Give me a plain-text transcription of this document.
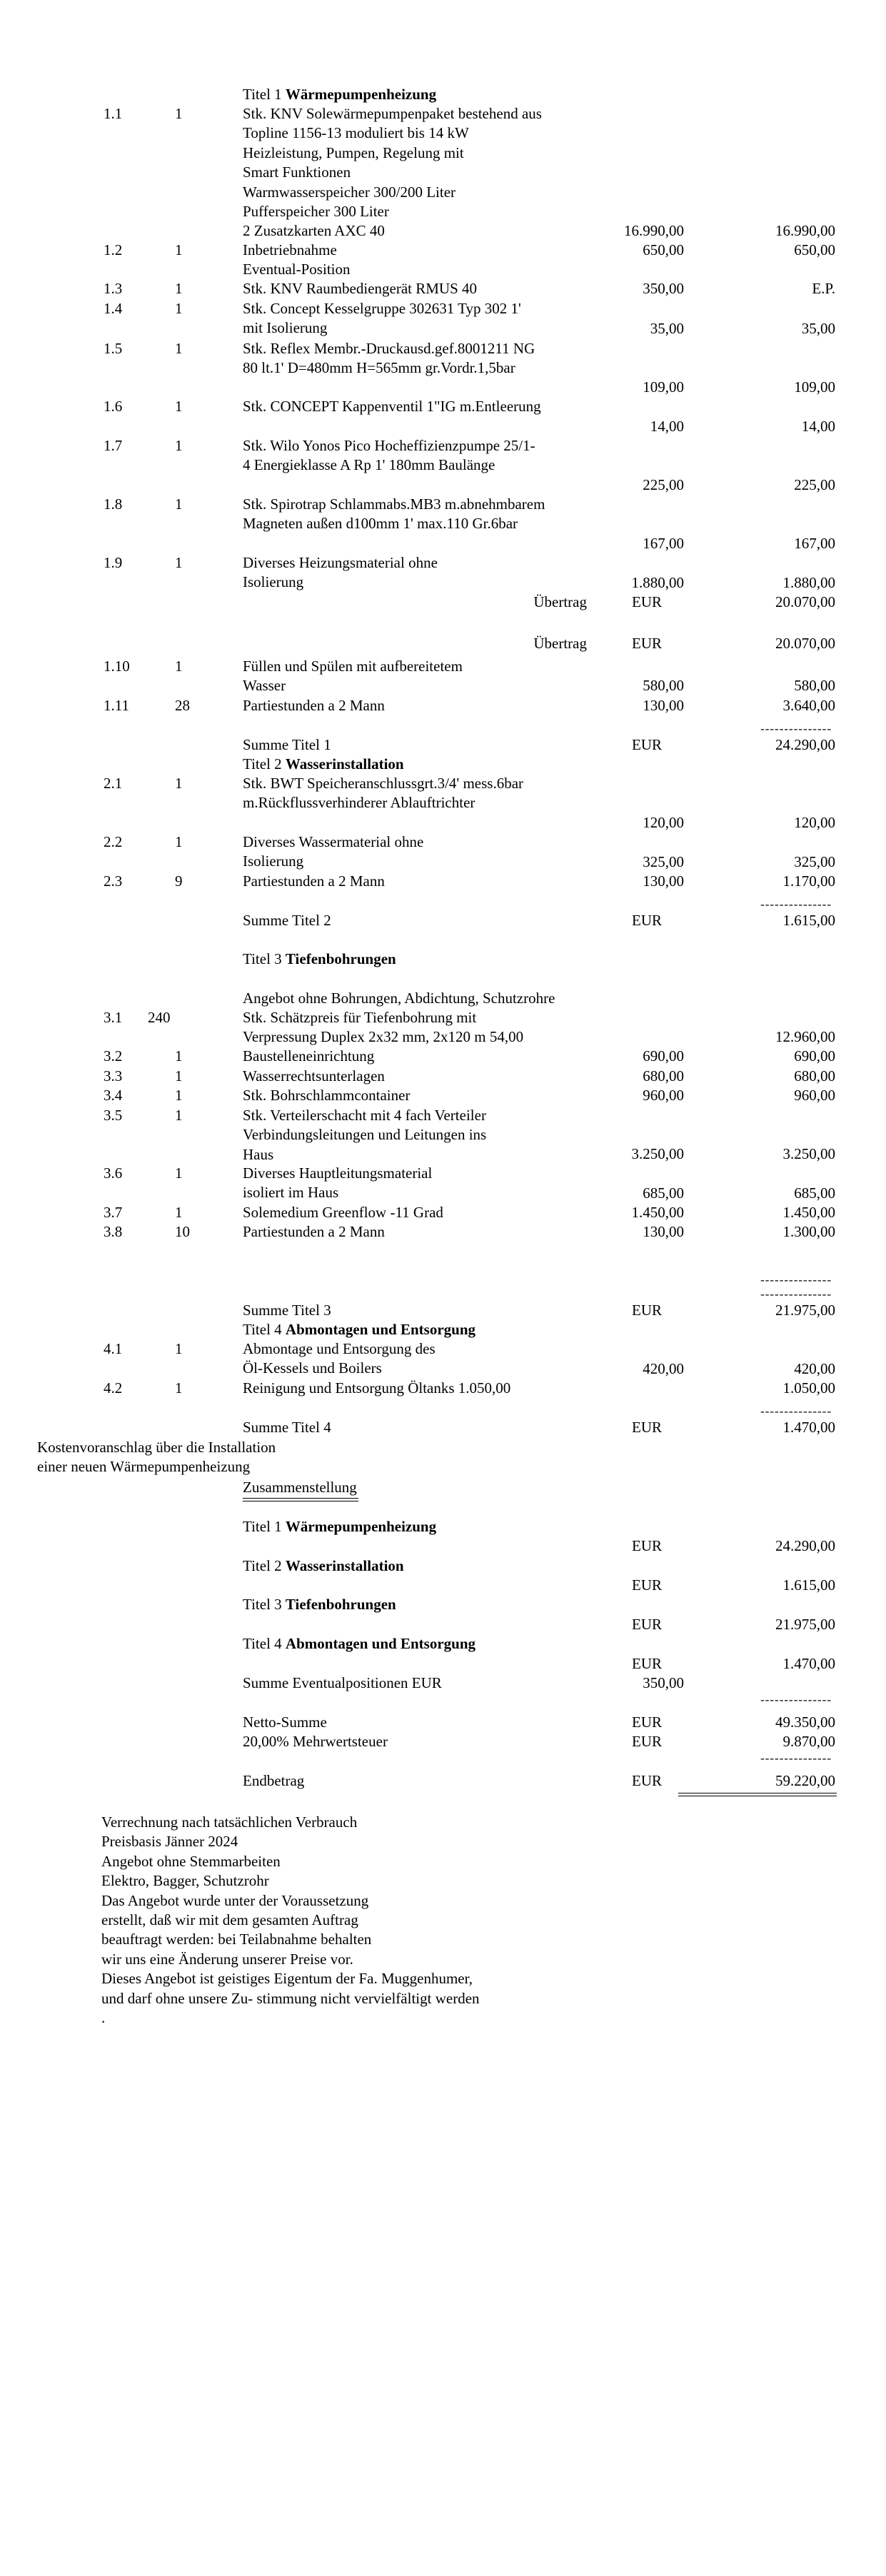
Titel 1 Wärmepumpenheizung
1.1	1	Stk. KNV Solewärmepumpenpaket bestehend aus
Topline 1156-13 moduliert bis 14 kW
Heizleistung, Pumpen, Regelung mit
Smart Funktionen
Warmwasserspeicher 300/200 Liter
Pufferspeicher 300 Liter
2 Zusatzkarten AXC 40	16.990,00	16.990,00
1.2	1	Inbetriebnahme
Eventual-Position
650,00	650,00
1.3	1	Stk. KNV Raumbediengerät RMUS 40	350,00	E.P.
1.4	1	Stk. Concept Kesselgruppe 302631 Typ 302 1'
mit Isolierung	35,00	35,00
1.5	1	Stk. Reflex Membr.-Druckausd.gef.8001211 NG
80 lt.1' D=480mm H=565mm gr.Vordr.1,5bar
109,00	109,00
1.6	1	Stk. CONCEPT Kappenventil 1"IG m.Entleerung
14,00	14,00
1.7	1	Stk. Wilo Yonos Pico Hocheffizienzpumpe 25/1-
4 Energieklasse A Rp 1' 180mm Baulänge
225,00	225,00
1.8	1	Stk. Spirotrap Schlammabs.MB3 m.abnehmbarem
Magneten außen d100mm 1' max.110 Gr.6bar
167,00	167,00
1.9	1	Diverses Heizungsmaterial ohne
Isolierung	1.880,00	1.880,00
Übertrag	EUR	20.070,00
Übertrag	EUR	20.070,00
1.10	1	Füllen und Spülen mit aufbereitetem
Wasser	580,00	580,00
1.11	28	Partiestunden a 2 Mann	130,00	3.640,00
---------------
Summe Titel 1	EUR	24.290,00
Titel 2 Wasserinstallation
2.1	1	Stk. BWT Speicheranschlussgrt.3/4' mess.6bar
m.Rückflussverhinderer Ablauftrichter
120,00	120,00
2.2	1	Diverses Wassermaterial ohne
Isolierung	325,00	325,00
2.3	9	Partiestunden a 2 Mann	130,00	1.170,00
---------------
Summe Titel 2	EUR	1.615,00
Titel 3 Tiefenbohrungen
Angebot ohne Bohrungen, Abdichtung, Schutzrohre
3.1 240	Stk. Schätzpreis für Tiefenbohrung mit
Verpressung Duplex 2x32 mm, 2x120 m 54,00	12.960,00
3.2	1	Baustelleneinrichtung	690,00	690,00
3.3	1	Wasserrechtsunterlagen	680,00	680,00
3.4	1	Stk. Bohrschlammcontainer	960,00	960,00
3.5	1	Stk. Verteilerschacht mit 4 fach Verteiler
Verbindungsleitungen und Leitungen ins
Haus	3.250,00	3.250,00
3.6	1	Diverses Hauptleitungsmaterial
isoliert im Haus	685,00	685,00
3.7	1	Solemedium Greenflow -11 Grad	1.450,00	1.450,00
3.8	10	Partiestunden a 2 Mann	130,00	1.300,00
---------------
Summe Titel 3	EUR	21.975,00
Titel 4 Abmontagen und Entsorgung
4.1	1	Abmontage und Entsorgung des
Öl-Kessels und Boilers	420,00	420,00
4.2	1	Reinigung und Entsorgung Öltanks 1.050,00	1.050,00
---------------
Summe Titel 4	EUR	1.470,00
---------------
Kostenvoranschlag über die Installation
einer neuen Wärmepumpenheizung
Zusammenstellung
Titel 1 Wärmepumpenheizung
EUR	24.290,00
Titel 2 Wasserinstallation
EUR	1.615,00
Titel 3 Tiefenbohrungen
EUR	21.975,00
Titel 4 Abmontagen und Entsorgung
EUR	1.470,00
Summe Eventualpositionen EUR	350,00
---------------
Netto-Summe	EUR	49.350,00
20,00% Mehrwertsteuer	EUR	9.870,00
---------------
Endbetrag	EUR	59.220,00
Verrechnung nach tatsächlichen Verbrauch
Preisbasis Jänner 2024
Angebot ohne Stemmarbeiten
Elektro, Bagger, Schutzrohr
Das Angebot wurde unter der Voraussetzung
erstellt, daß wir mit dem gesamten Auftrag
beauftragt werden: bei Teilabnahme behalten
wir uns eine Änderung unserer Preise vor.
Dieses Angebot ist geistiges Eigentum der Fa. Muggenhumer,
und darf ohne unsere Zu- stimmung nicht vervielfältigt werden
.
